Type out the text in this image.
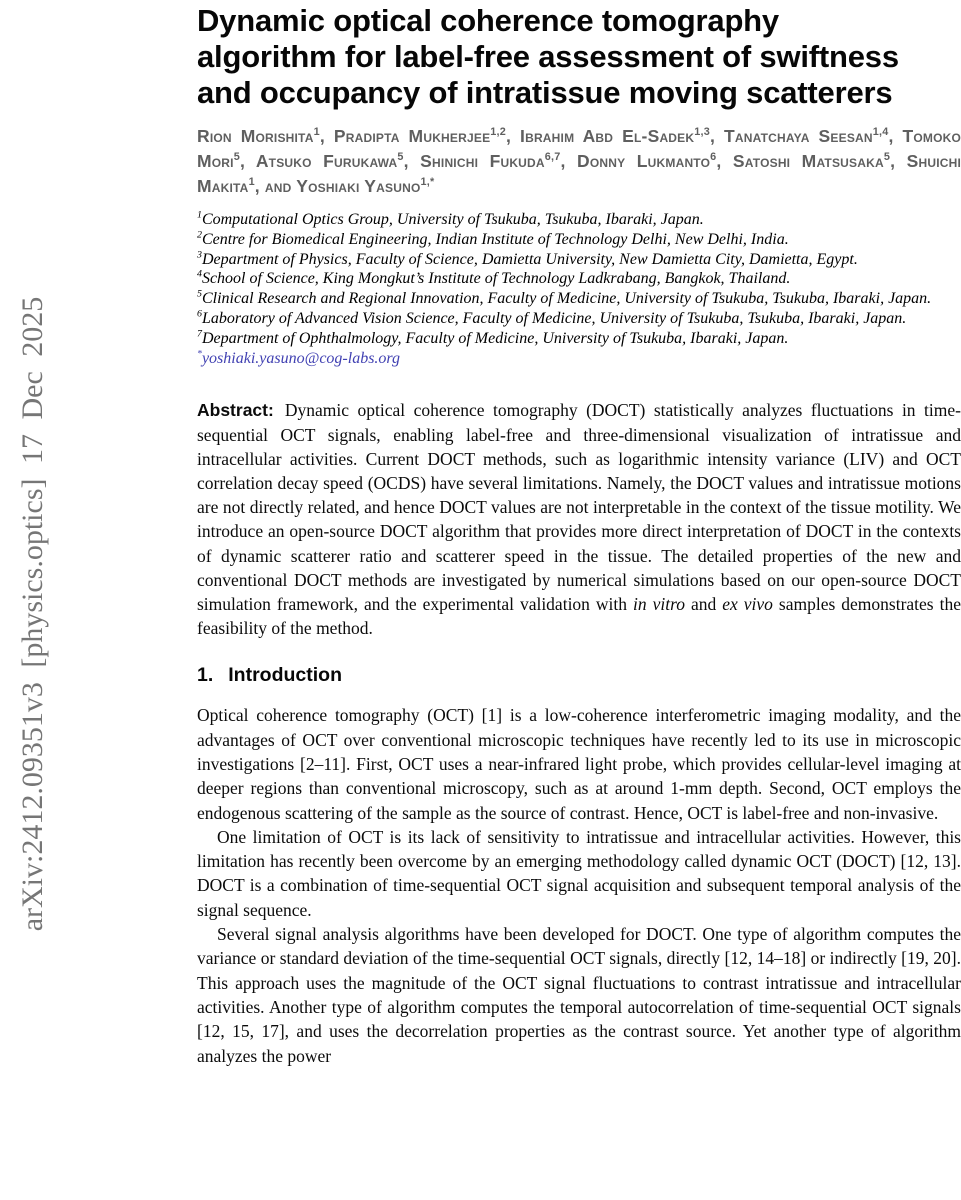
arXiv:2412.09351v3 [physics.optics] 17 Dec 2025
Dynamic optical coherence tomography
algorithm for label-free assessment of swiftness
and occupancy of intratissue moving scatterers
Rion Morishita$^1$, Pradipta Mukherjee$^{1,2}$, Ibrahim Abd El-Sadek$^{1,3}$, Tanatchaya Seesan$^{1,4}$, Tomoko Mori$^5$, Atsuko Furukawa$^5$, Shinichi Fukuda$^{6,7}$, Donny Lukmanto$^6$, Satoshi Matsusaka$^5$, Shuichi Makita$^1$, and Yoshiaki Yasuno$^{1,*}$
$^1$Computational Optics Group, University of Tsukuba, Tsukuba, Ibaraki, Japan.
$^2$Centre for Biomedical Engineering, Indian Institute of Technology Delhi, New Delhi, India.
$^3$Department of Physics, Faculty of Science, Damietta University, New Damietta City, Damietta, Egypt.
$^4$School of Science, King Mongkut’s Institute of Technology Ladkrabang, Bangkok, Thailand.
$^5$Clinical Research and Regional Innovation, Faculty of Medicine, University of Tsukuba, Tsukuba, Ibaraki, Japan.
$^6$Laboratory of Advanced Vision Science, Faculty of Medicine, University of Tsukuba, Tsukuba, Ibaraki, Japan.
$^7$Department of Ophthalmology, Faculty of Medicine, University of Tsukuba, Ibaraki, Japan.
*yoshiaki.yasuno@cog-labs.org
Abstract: Dynamic optical coherence tomography (DOCT) statistically analyzes fluctuations in time-sequential OCT signals, enabling label-free and three-dimensional visualization of intratissue and intracellular activities. Current DOCT methods, such as logarithmic intensity variance (LIV) and OCT correlation decay speed (OCDS) have several limitations. Namely, the DOCT values and intratissue motions are not directly related, and hence DOCT values are not interpretable in the context of the tissue motility. We introduce an open-source DOCT algorithm that provides more direct interpretation of DOCT in the contexts of dynamic scatterer ratio and scatterer speed in the tissue. The detailed properties of the new and conventional DOCT methods are investigated by numerical simulations based on our open-source DOCT simulation framework, and the experimental validation with in vitro and ex vivo samples demonstrates the feasibility of the method.
1. Introduction
Optical coherence tomography (OCT) [1] is a low-coherence interferometric imaging modality, and the advantages of OCT over conventional microscopic techniques have recently led to its use in microscopic investigations [2–11]. First, OCT uses a near-infrared light probe, which provides cellular-level imaging at deeper regions than conventional microscopy, such as at around 1-mm depth. Second, OCT employs the endogenous scattering of the sample as the source of contrast. Hence, OCT is label-free and non-invasive.
One limitation of OCT is its lack of sensitivity to intratissue and intracellular activities. However, this limitation has recently been overcome by an emerging methodology called dynamic OCT (DOCT) [12, 13]. DOCT is a combination of time-sequential OCT signal acquisition and subsequent temporal analysis of the signal sequence.
Several signal analysis algorithms have been developed for DOCT. One type of algorithm computes the variance or standard deviation of the time-sequential OCT signals, directly [12, 14–18] or indirectly [19, 20]. This approach uses the magnitude of the OCT signal fluctuations to contrast intratissue and intracellular activities. Another type of algorithm computes the temporal autocorrelation of time-sequential OCT signals [12, 15, 17], and uses the decorrelation properties as the contrast source. Yet another type of algorithm analyzes the power
